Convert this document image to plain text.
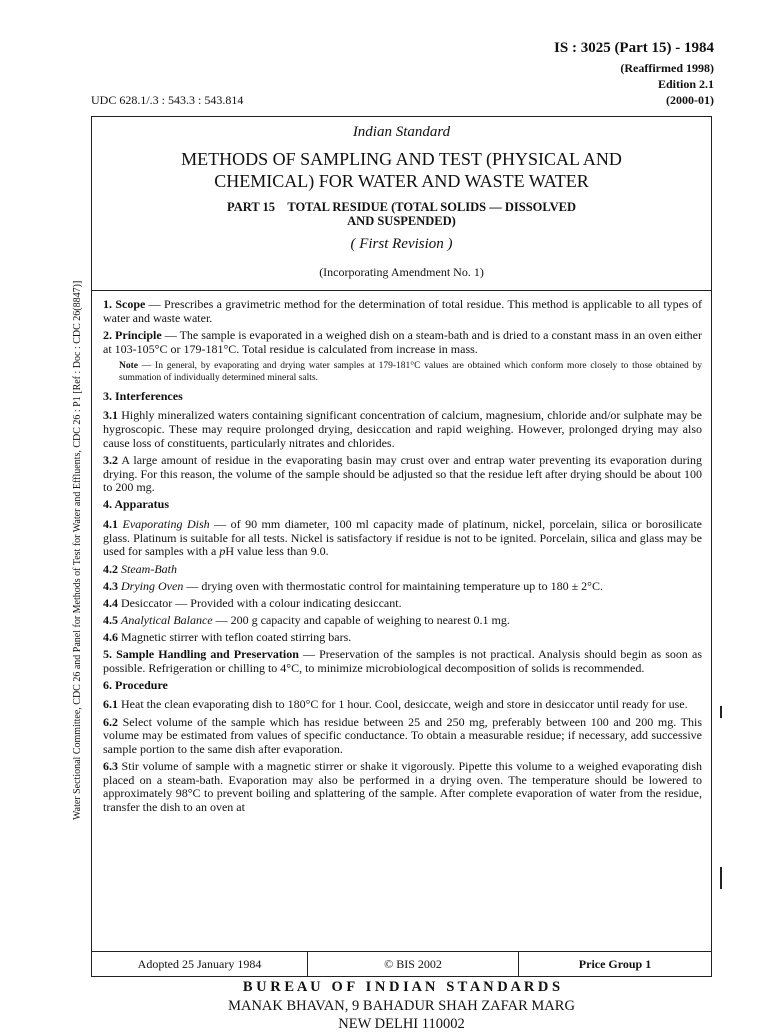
IS : 3025 (Part 15) - 1984
(Reaffirmed 1998)
Edition 2.1
(2000-01)
UDC 628.1/.3 : 543.3 : 543.814
Water Sectional Committee, CDC 26 and Panel for Methods of Test for Water and Effluents, CDC 26 : P1 [Ref : Doc : CDC 26(8847)]
Indian Standard
METHODS OF SAMPLING AND TEST (PHYSICAL AND
CHEMICAL) FOR WATER AND WASTE WATER
PART 15    TOTAL RESIDUE (TOTAL SOLIDS — DISSOLVED
AND SUSPENDED)
( First Revision )
(Incorporating Amendment No. 1)

1. Scope — Prescribes a gravimetric method for the determination of total residue. This method is applicable to all types of water and waste water.

2. Principle — The sample is evaporated in a weighed dish on a steam-bath and is dried to a constant mass in an oven either at 103-105°C or 179-181°C. Total residue is calculated from increase in mass.

Note — In general, by evaporating and drying water samples at 179-181°C values are obtained which conform more closely to those obtained by summation of individually determined mineral salts.

3. Interferences

3.1 Highly mineralized waters containing significant concentration of calcium, magnesium, chloride and/or sulphate may be hygroscopic. These may require prolonged drying, desiccation and rapid weighing. However, prolonged drying may also cause loss of constituents, particularly nitrates and chlorides.

3.2 A large amount of residue in the evaporating basin may crust over and entrap water preventing its evaporation during drying. For this reason, the volume of the sample should be adjusted so that the residue left after drying should be about 100 to 200 mg.

4. Apparatus

4.1 Evaporating Dish — of 90 mm diameter, 100 ml capacity made of platinum, nickel, porcelain, silica or borosilicate glass. Platinum is suitable for all tests. Nickel is satisfactory if residue is not to be ignited. Porcelain, silica and glass may be used for samples with a pH value less than 9.0.

4.2 Steam-Bath

4.3 Drying Oven — drying oven with thermostatic control for maintaining temperature up to 180 ± 2°C.

4.4 Desiccator — Provided with a colour indicating desiccant.

4.5 Analytical Balance — 200 g capacity and capable of weighing to nearest 0.1 mg.

4.6 Magnetic stirrer with teflon coated stirring bars.

5. Sample Handling and Preservation — Preservation of the samples is not practical. Analysis should begin as soon as possible. Refrigeration or chilling to 4°C, to minimize microbiological decomposition of solids is recommended.

6. Procedure

6.1 Heat the clean evaporating dish to 180°C for 1 hour. Cool, desiccate, weigh and store in desiccator until ready for use.

6.2 Select volume of the sample which has residue between 25 and 250 mg, preferably between 100 and 200 mg. This volume may be estimated from values of specific conductance. To obtain a measurable residue; if necessary, add successive sample portion to the same dish after evaporation.

6.3 Stir volume of sample with a magnetic stirrer or shake it vigorously. Pipette this volume to a weighed evaporating dish placed on a steam-bath. Evaporation may also be performed in a drying oven. The temperature should be lowered to approximately 98°C to prevent boiling and splattering of the sample. After complete evaporation of water from the residue, transfer the dish to an oven at

Adopted 25 January 1984	© BIS 2002	Price Group 1
B U R E A U   O F   I N D I A N   S T A N D A R D S
MANAK BHAVAN, 9 BAHADUR SHAH ZAFAR MARG
NEW DELHI 110002
